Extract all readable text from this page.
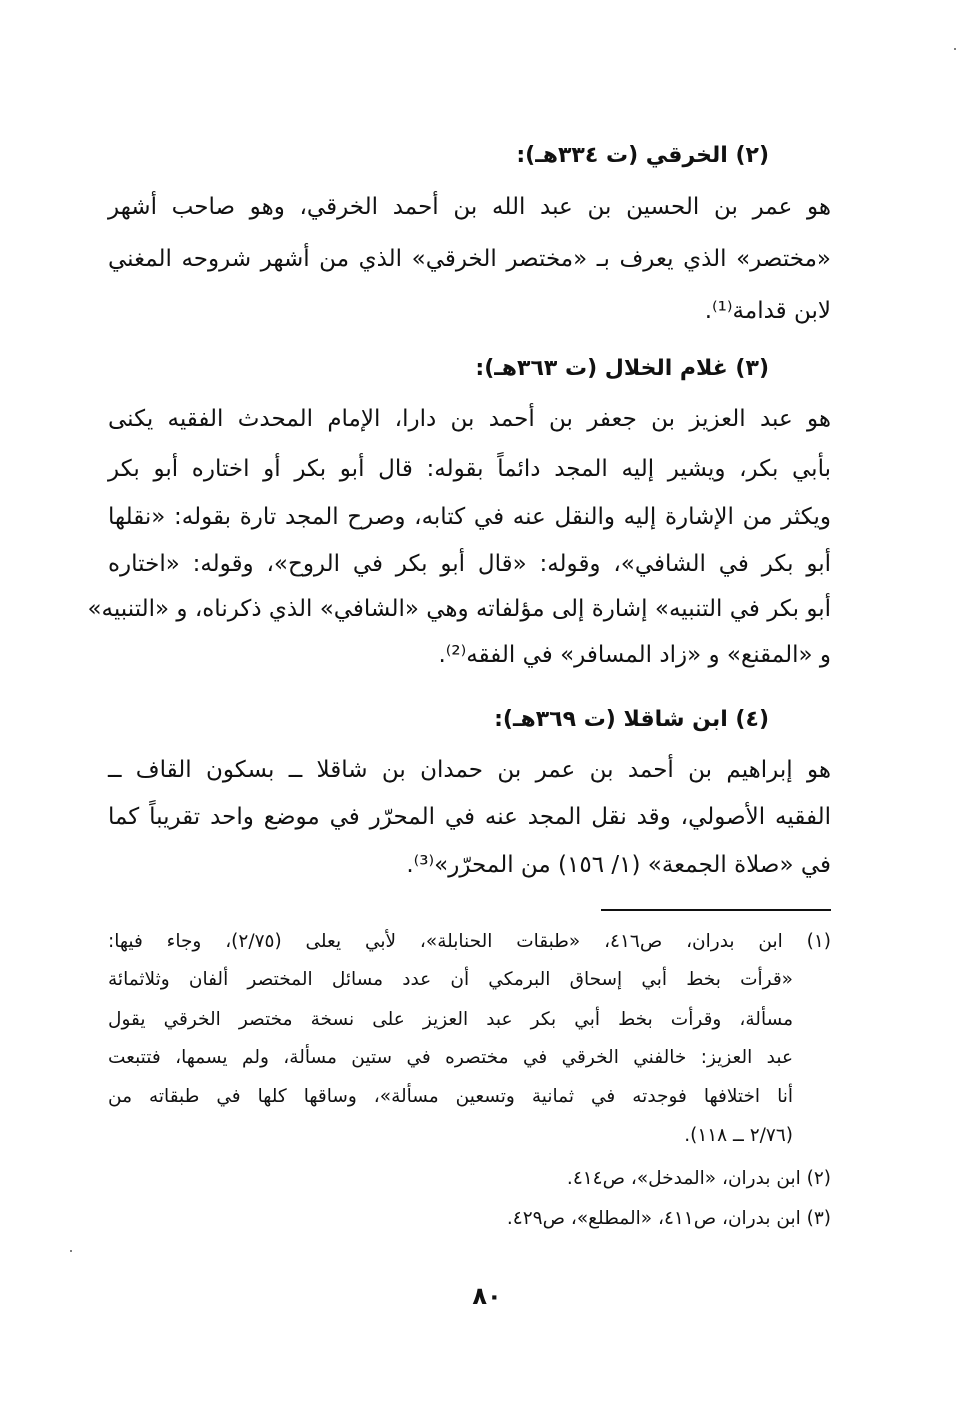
(٢) الخرقي (ت ٣٣٤هـ):
هو عمر بن الحسين بن عبد الله بن أحمد الخرقي، وهو صاحب أشهر
«مختصر» الذي يعرف بـ «مختصر الخرقي» الذي من أشهر شروحه المغني
لابن قدامة⁽¹⁾.
(٣) غلام الخلال (ت ٣٦٣هـ):
هو عبد العزيز بن جعفر بن أحمد بن دارا، الإمام المحدث الفقيه يكنى
بأبي بكر، ويشير إليه المجد دائماً بقوله: قال أبو بكر أو اختاره أبو بكر
ويكثر من الإشارة إليه والنقل عنه في كتابه، وصرح المجد تارة بقوله: «نقلها
أبو بكر في الشافي»، وقوله: «قال أبو بكر في الروح»، وقوله: «اختاره
أبو بكر في التنبيه» إشارة إلى مؤلفاته وهي «الشافي» الذي ذكرناه، و «التنبيه»
و «المقنع» و «زاد المسافر» في الفقه⁽²⁾.
(٤) ابن شاقلا (ت ٣٦٩هـ):
هو إبراهيم بن أحمد بن عمر بن حمدان بن شاقلا ــ بسكون القاف ــ
الفقيه الأصولي، وقد نقل المجد عنه في المحرّر في موضع واحد تقريباً كما
في «صلاة الجمعة» (١/ ١٥٦) من المحرّر»⁽³⁾.
(١) ابن بدران، ص٤١٦، «طبقات الحنابلة»، لأبي يعلى (٢/٧٥)، وجاء فيها:
«قرأت بخط أبي إسحاق البرمكي أن عدد مسائل المختصر ألفان وثلاثمائة
مسألة، وقرأت بخط أبي بكر عبد العزيز على نسخة مختصر الخرقي يقول
عبد العزيز: خالفني الخرقي في مختصره في ستين مسألة، ولم يسمها، فتتبعت
أنا اختلافها فوجدته في ثمانية وتسعين مسألة»، وساقها كلها في طبقاته من
(٢/٧٦ ــ ١١٨).
(٢) ابن بدران، «المدخل»، ص٤١٤.
(٣) ابن بدران، ص٤١١، «المطلع»، ص٤٢٩.
٨٠
